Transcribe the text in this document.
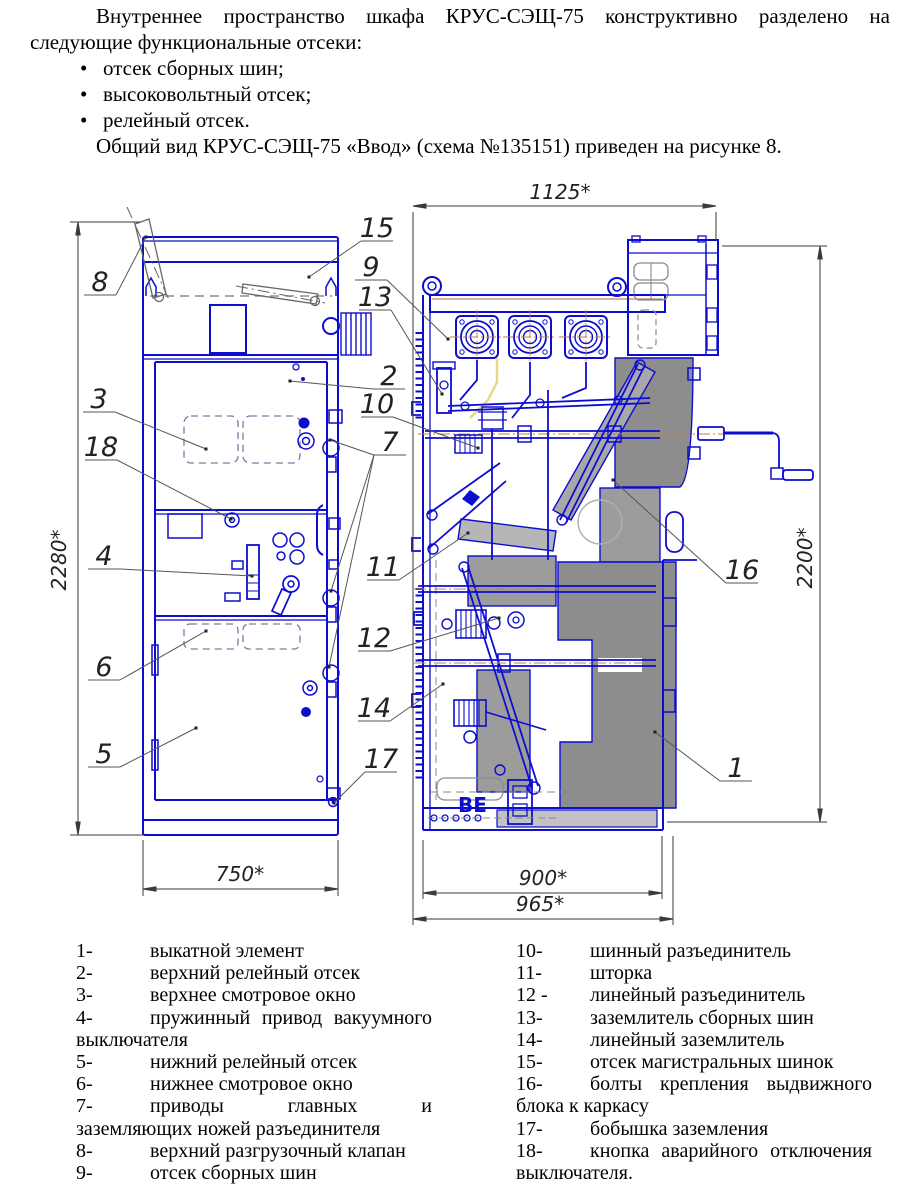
Внутреннее пространство шкафа КРУС-СЭЩ-75 конструктивно разделено на следующие функциональные отсеки:

•
отсек сборных шин;
•
высоковольтный отсек;
•
релейный отсек.

Общий вид КРУС-СЭЩ-75 «Ввод» (схема №135151) приведен на рисунке 8.

ВЕ
2280*
1125*
2200*
750*	900*
965*
8
15
9
13
2
3
18
10
7
4	11
12
6
14
5	17
16
1
1-	выкатной элемент
2-	верхний релейный отсек
3-	верхнее смотровое окно
4-	пружинный привод вакуумного выключателя
5-	нижний релейный отсек
6-	нижнее смотровое окно
7-	приводы главных и заземляющих ножей разъединителя
8-	верхний разгрузочный клапан
9-	отсек сборных шин
10- шинный разъединитель
11- шторка
12 - линейный разъединитель
13- заземлитель сборных шин
14- линейный заземлитель
15- отсек магистральных шинок
16- болты крепления выдвижного блока к каркасу
17- бобышка заземления
18- кнопка аварийного отключения выключателя.
